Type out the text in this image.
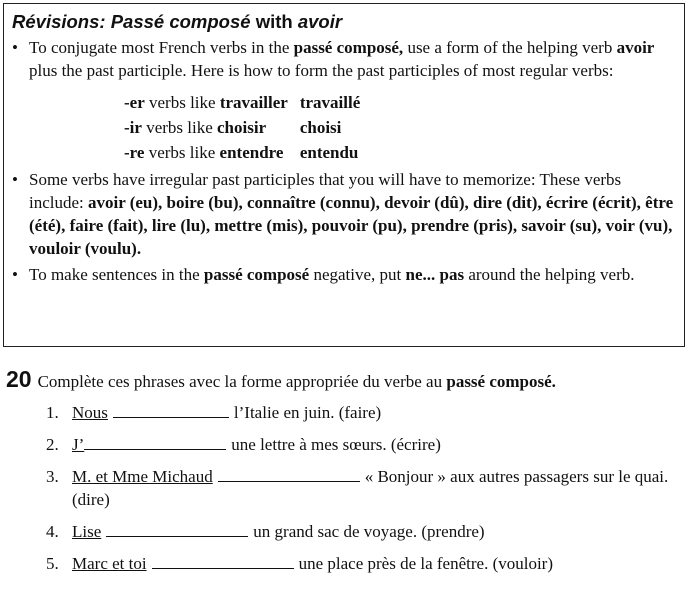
Révisions: Passé composé with avoir

• To conjugate most French verbs in the passé composé, use a form of the helping verb avoir plus the past participle. Here is how to form the past participles of most regular verbs:

-er verbs like travailler	travaillé
-ir verbs like choisir	choisi
-re verbs like entendre	entendu

• Some verbs have irregular past participles that you will have to memorize: These verbs include: avoir (eu), boire (bu), connaître (connu), devoir (dû), dire (dit), écrire (écrit), être (été), faire (fait), lire (lu), mettre (mis), pouvoir (pu), prendre (pris), savoir (su), voir (vu), vouloir (voulu).

• To make sentences in the passé composé negative, put ne... pas around the helping verb.

20 Complète ces phrases avec la forme appropriée du verbe au passé composé.
1. Nous	l’Italie en juin. (faire)
2. J’	une lettre à mes sœurs. (écrire)
3. M. et Mme Michaud	« Bonjour » aux autres passagers sur le quai. (dire)
4. Lise	un grand sac de voyage. (prendre)
5. Marc et toi	une place près de la fenêtre. (vouloir)
